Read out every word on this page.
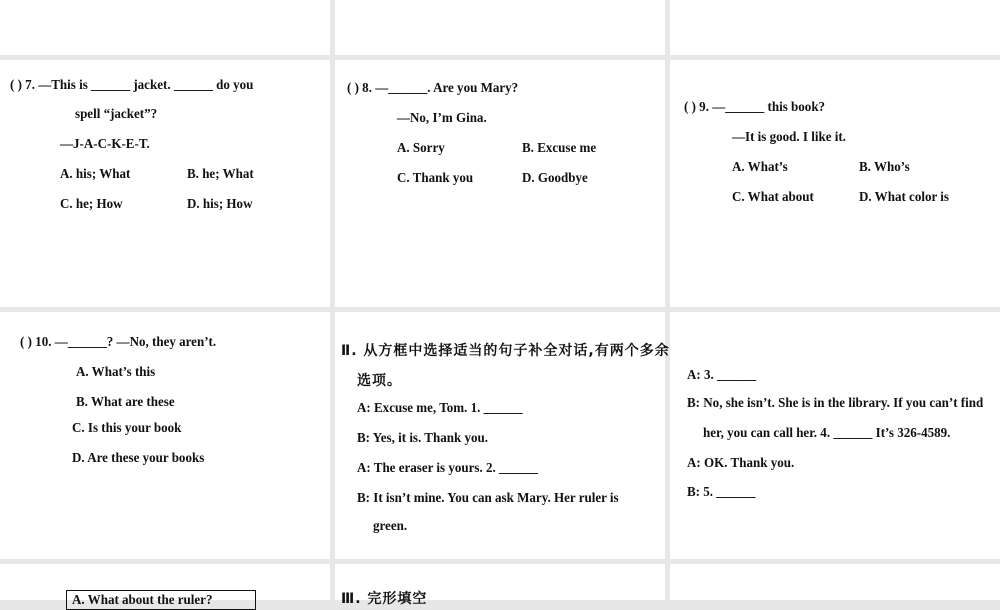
( ) 7. —This is ______ jacket. ______ do you
spell “jacket”?
—J-A-C-K-E-T.
A. his; What	B. he; What
C. he; How	D. his; How
( ) 8. —______. Are you Mary?
—No, I’m Gina.
A. Sorry	B. Excuse me
C. Thank you	D. Goodbye
( ) 9. —______ this book?
—It is good. I like it.
A. What’s	B. Who’s
C. What about	D. What color is
( ) 10. —______? —No, they aren’t.
A. What’s this
B. What are these
C. Is this your book
D. Are these your books
Ⅱ. 从方框中选择适当的句子补全对话,有两个多余
选项。
A: Excuse me, Tom. 1. ______
B: Yes, it is. Thank you.
A: The eraser is yours. 2. ______
B: It isn’t mine. You can ask Mary. Her ruler is
green.
A: 3. ______
B: No, she isn’t. She is in the library. If you can’t find
her, you can call her. 4. ______ It’s 326-4589.
A: OK. Thank you.
B: 5. ______
A. What about the ruler?	Ⅲ. 完形填空
